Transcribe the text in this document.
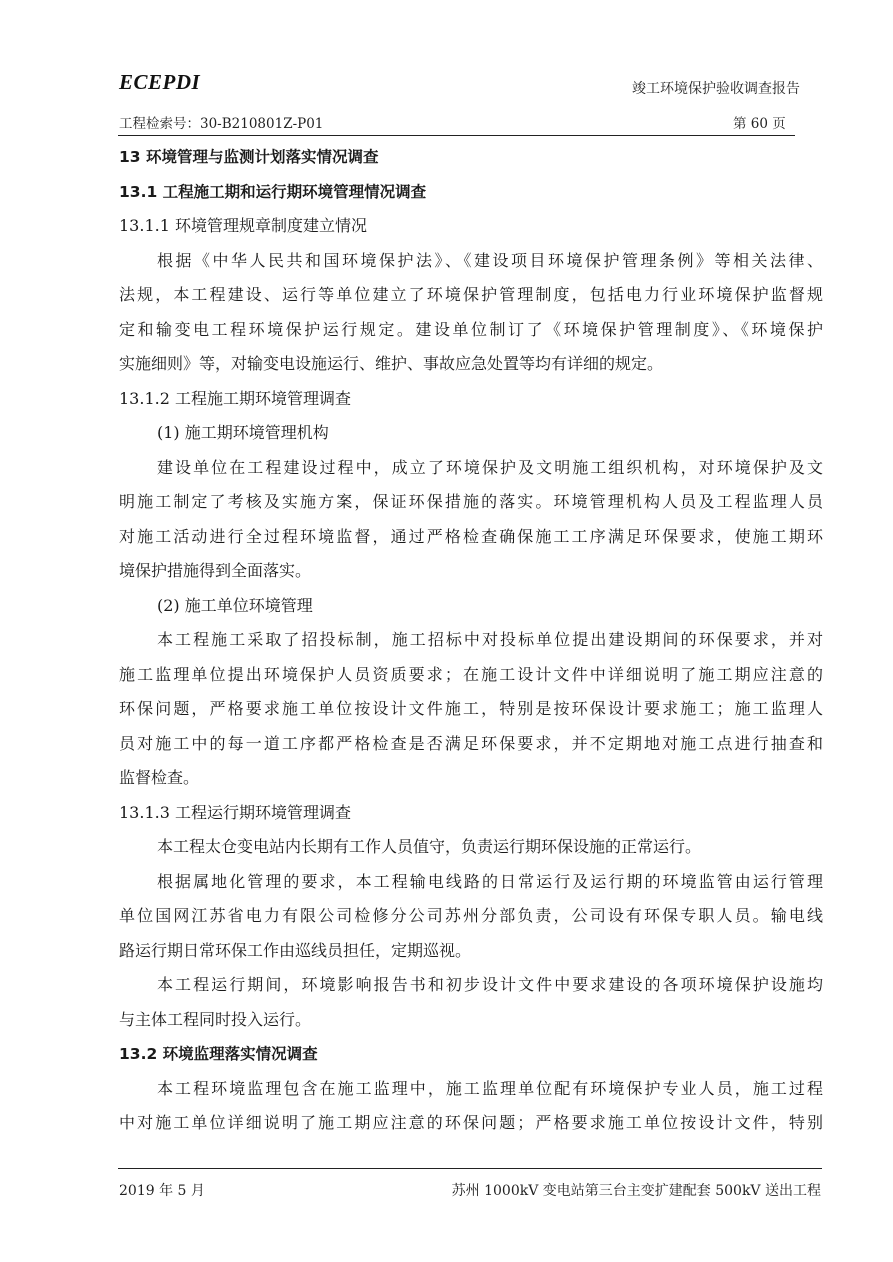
ECEPDI	竣工环境保护验收调查报告
工程检索号：30-B210801Z-P01	第 60 页
13 环境管理与监测计划落实情况调查
13.1 工程施工期和运行期环境管理情况调查
13.1.1 环境管理规章制度建立情况
根据《中华人民共和国环境保护法》、《建设项目环境保护管理条例》等相关法律、
法规，本工程建设、运行等单位建立了环境保护管理制度，包括电力行业环境保护监督规
定和输变电工程环境保护运行规定。建设单位制订了《环境保护管理制度》、《环境保护
实施细则》等，对输变电设施运行、维护、事故应急处置等均有详细的规定。
13.1.2 工程施工期环境管理调查
(1) 施工期环境管理机构
建设单位在工程建设过程中，成立了环境保护及文明施工组织机构，对环境保护及文
明施工制定了考核及实施方案，保证环保措施的落实。环境管理机构人员及工程监理人员
对施工活动进行全过程环境监督，通过严格检查确保施工工序满足环保要求，使施工期环
境保护措施得到全面落实。
(2) 施工单位环境管理
本工程施工采取了招投标制，施工招标中对投标单位提出建设期间的环保要求，并对
施工监理单位提出环境保护人员资质要求；在施工设计文件中详细说明了施工期应注意的
环保问题，严格要求施工单位按设计文件施工，特别是按环保设计要求施工；施工监理人
员对施工中的每一道工序都严格检查是否满足环保要求，并不定期地对施工点进行抽查和
监督检查。
13.1.3 工程运行期环境管理调查
本工程太仓变电站内长期有工作人员值守，负责运行期环保设施的正常运行。
根据属地化管理的要求，本工程输电线路的日常运行及运行期的环境监管由运行管理
单位国网江苏省电力有限公司检修分公司苏州分部负责，公司设有环保专职人员。输电线
路运行期日常环保工作由巡线员担任，定期巡视。
本工程运行期间，环境影响报告书和初步设计文件中要求建设的各项环境保护设施均
与主体工程同时投入运行。
13.2 环境监理落实情况调查
本工程环境监理包含在施工监理中，施工监理单位配有环境保护专业人员，施工过程
中对施工单位详细说明了施工期应注意的环保问题；严格要求施工单位按设计文件，特别
2019 年 5 月	苏州 1000kV 变电站第三台主变扩建配套 500kV 送出工程
